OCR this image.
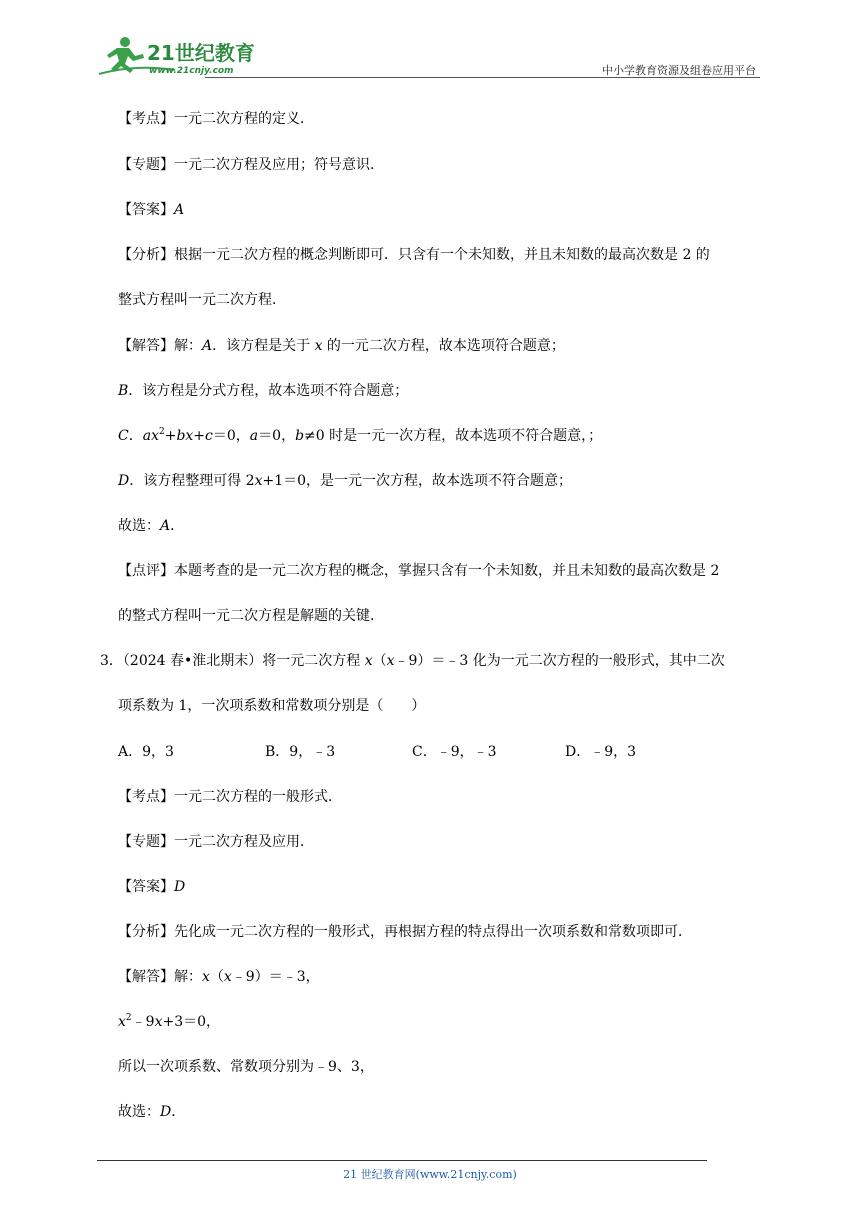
21世纪教育
www.21cnjy.com	中小学教育资源及组卷应用平台
【考点】一元二次方程的定义．
【专题】一元二次方程及应用；符号意识．
【答案】A
【分析】根据一元二次方程的概念判断即可．只含有一个未知数，并且未知数的最高次数是 2 的
整式方程叫一元二次方程．
【解答】解：A．该方程是关于 x 的一元二次方程，故本选项符合题意；
B．该方程是分式方程，故本选项不符合题意；
C．$ax^2+bx+c=0$，a＝0，b≠0 时是一元一次方程，故本选项不符合题意，；
D．该方程整理可得 2x+1＝0，是一元一次方程，故本选项不符合题意；
故选：A．
【点评】本题考查的是一元二次方程的概念，掌握只含有一个未知数，并且未知数的最高次数是 2
的整式方程叫一元二次方程是解题的关键．
3．（2024 春•淮北期末）将一元二次方程 x（x﹣9）＝﹣3 化为一元二次方程的一般形式，其中二次
项系数为 1，一次项系数和常数项分别是（　　）
A．9，3	B．9，﹣3	C．﹣9，﹣3	D．﹣9，3
【考点】一元二次方程的一般形式．
【专题】一元二次方程及应用．
【答案】D
【分析】先化成一元二次方程的一般形式，再根据方程的特点得出一次项系数和常数项即可．
【解答】解：x（x﹣9）＝﹣3，
$x^2﹣9x+3=0$，
所以一次项系数、常数项分别为﹣9、3，
故选：D．
21 世纪教育网(www.21cnjy.com)
